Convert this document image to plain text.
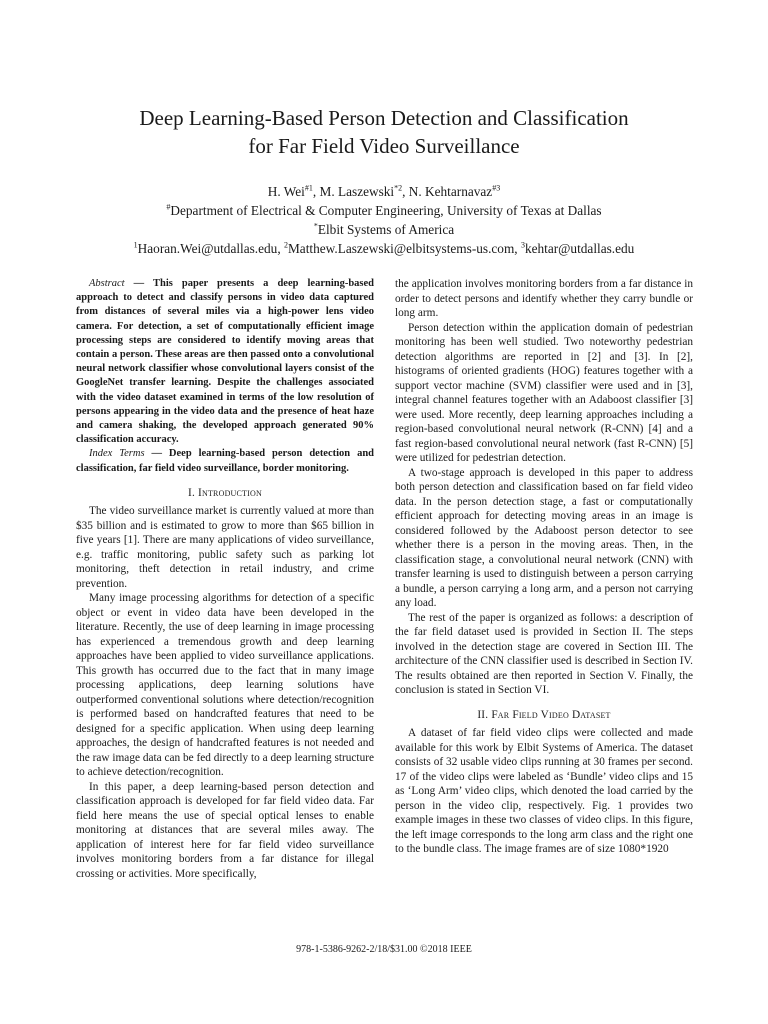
Deep Learning-Based Person Detection and Classification
for Far Field Video Surveillance
H. Wei$^{\#1}$, M. Laszewski$^{*2}$, N. Kehtarnavaz$^{\#3}$
#Department of Electrical & Computer Engineering, University of Texas at Dallas
*Elbit Systems of America
$^1$Haoran.Wei@utdallas.edu, $^2$Matthew.Laszewski@elbitsystems-us.com, $^3$kehtar@utdallas.edu

Abstract — This paper presents a deep learning-based approach to detect and classify persons in video data captured from distances of several miles via a high-power lens video camera. For detection, a set of computationally efficient image processing steps are considered to identify moving areas that contain a person. These areas are then passed onto a convolutional neural network classifier whose convolutional layers consist of the GoogleNet transfer learning. Despite the challenges associated with the video dataset examined in terms of the low resolution of persons appearing in the video data and the presence of heat haze and camera shaking, the developed approach generated 90% classification accuracy.

Index Terms — Deep learning-based person detection and classification, far field video surveillance, border monitoring.

I. Introduction

The video surveillance market is currently valued at more than $35 billion and is estimated to grow to more than $65 billion in five years [1]. There are many applications of video surveillance, e.g. traffic monitoring, public safety such as parking lot monitoring, theft detection in retail industry, and crime prevention.

Many image processing algorithms for detection of a specific object or event in video data have been developed in the literature. Recently, the use of deep learning in image processing has experienced a tremendous growth and deep learning approaches have been applied to video surveillance applications. This growth has occurred due to the fact that in many image processing applications, deep learning solutions have outperformed conventional solutions where detection/recognition is performed based on handcrafted features that need to be designed for a specific application. When using deep learning approaches, the design of handcrafted features is not needed and the raw image data can be fed directly to a deep learning structure to achieve detection/recognition.

In this paper, a deep learning-based person detection and classification approach is developed for far field video data. Far field here means the use of special optical lenses to enable monitoring at distances that are several miles away. The application of interest here for far field video surveillance involves monitoring borders from a far distance for illegal crossing or activities. More specifically,

the application involves monitoring borders from a far distance in order to detect persons and identify whether they carry bundle or long arm.

Person detection within the application domain of pedestrian monitoring has been well studied. Two noteworthy pedestrian detection algorithms are reported in [2] and [3]. In [2], histograms of oriented gradients (HOG) features together with a support vector machine (SVM) classifier were used and in [3], integral channel features together with an Adaboost classifier [3] were used. More recently, deep learning approaches including a region-based convolutional neural network (R-CNN) [4] and a fast region-based convolutional neural network (fast R-CNN) [5] were utilized for pedestrian detection.

A two-stage approach is developed in this paper to address both person detection and classification based on far field video data. In the person detection stage, a fast or computationally efficient approach for detecting moving areas in an image is considered followed by the Adaboost person detector to see whether there is a person in the moving areas. Then, in the classification stage, a convolutional neural network (CNN) with transfer learning is used to distinguish between a person carrying a bundle, a person carrying a long arm, and a person not carrying any load.

The rest of the paper is organized as follows: a description of the far field dataset used is provided in Section II. The steps involved in the detection stage are covered in Section III. The architecture of the CNN classifier used is described in Section IV. The results obtained are then reported in Section V. Finally, the conclusion is stated in Section VI.

II. Far Field Video Dataset

A dataset of far field video clips were collected and made available for this work by Elbit Systems of America. The dataset consists of 32 usable video clips running at 30 frames per second. 17 of the video clips were labeled as ‘Bundle’ video clips and 15 as ‘Long Arm’ video clips, which denoted the load carried by the person in the video clip, respectively. Fig. 1 provides two example images in these two classes of video clips. In this figure, the left image corresponds to the long arm class and the right one to the bundle class. The image frames are of size 1080*1920

978-1-5386-9262-2/18/$31.00 ©2018 IEEE
